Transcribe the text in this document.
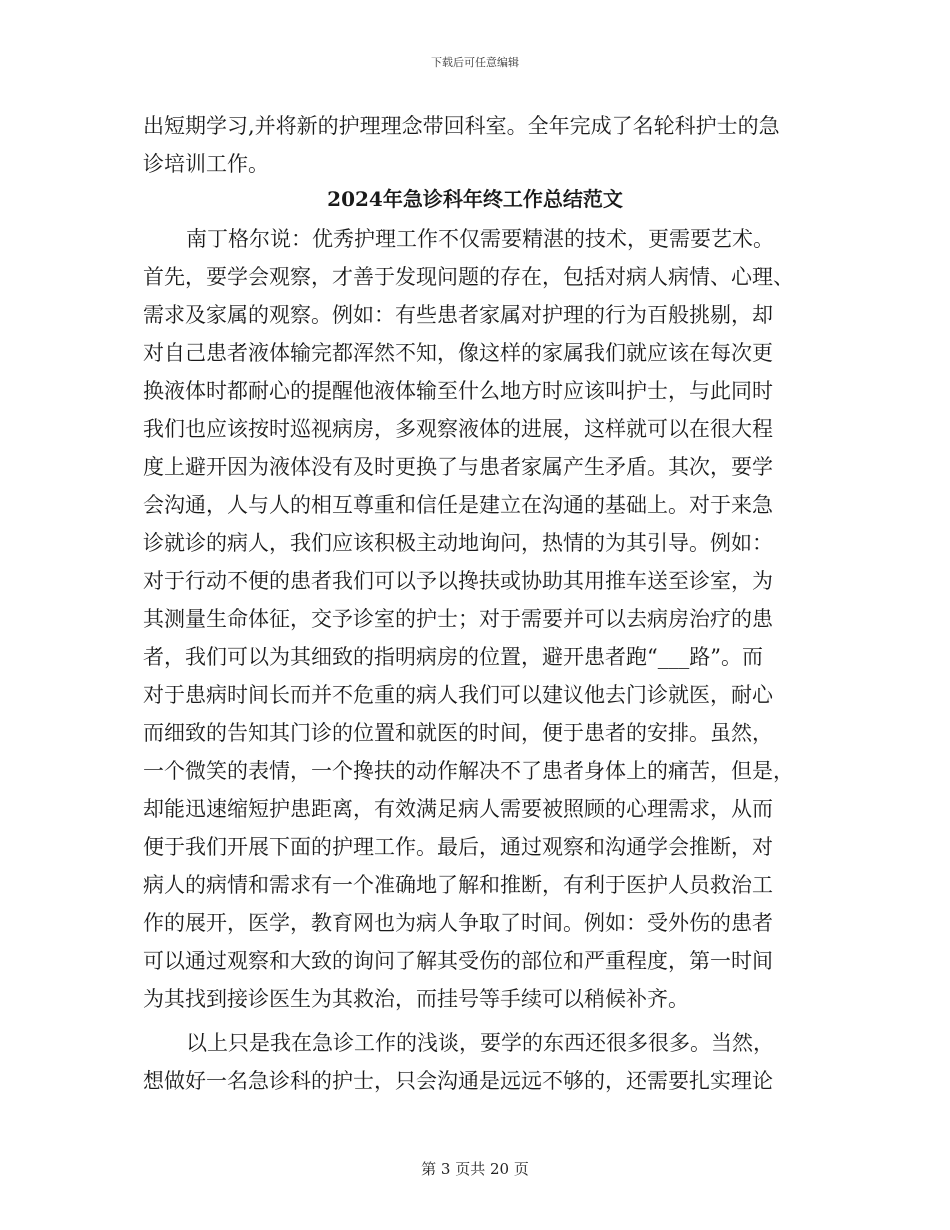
下载后可任意编辑
出短期学习,并将新的护理理念带回科室。全年完成了名轮科护士的急
诊培训工作。
2024年急诊科年终工作总结范文
南丁格尔说：优秀护理工作不仅需要精湛的技术，更需要艺术。
首先，要学会观察，才善于发现问题的存在，包括对病人病情、心理、
需求及家属的观察。例如：有些患者家属对护理的行为百般挑剔，却
对自己患者液体输完都浑然不知，像这样的家属我们就应该在每次更
换液体时都耐心的提醒他液体输至什么地方时应该叫护士，与此同时
我们也应该按时巡视病房，多观察液体的进展，这样就可以在很大程
度上避开因为液体没有及时更换了与患者家属产生矛盾。其次，要学
会沟通，人与人的相互尊重和信任是建立在沟通的基础上。对于来急
诊就诊的病人，我们应该积极主动地询问，热情的为其引导。例如：
对于行动不便的患者我们可以予以搀扶或协助其用推车送至诊室，为
其测量生命体征，交予诊室的护士；对于需要并可以去病房治疗的患
者，我们可以为其细致的指明病房的位置，避开患者跑“___路”。而
对于患病时间长而并不危重的病人我们可以建议他去门诊就医，耐心
而细致的告知其门诊的位置和就医的时间，便于患者的安排。虽然，
一个微笑的表情，一个搀扶的动作解决不了患者身体上的痛苦，但是，
却能迅速缩短护患距离，有效满足病人需要被照顾的心理需求，从而
便于我们开展下面的护理工作。最后，通过观察和沟通学会推断，对
病人的病情和需求有一个准确地了解和推断，有利于医护人员救治工
作的展开，医学，教育网也为病人争取了时间。例如：受外伤的患者
可以通过观察和大致的询问了解其受伤的部位和严重程度，第一时间
为其找到接诊医生为其救治，而挂号等手续可以稍候补齐。
以上只是我在急诊工作的浅谈，要学的东西还很多很多。当然，
想做好一名急诊科的护士，只会沟通是远远不够的，还需要扎实理论
第 3 页共 20 页
